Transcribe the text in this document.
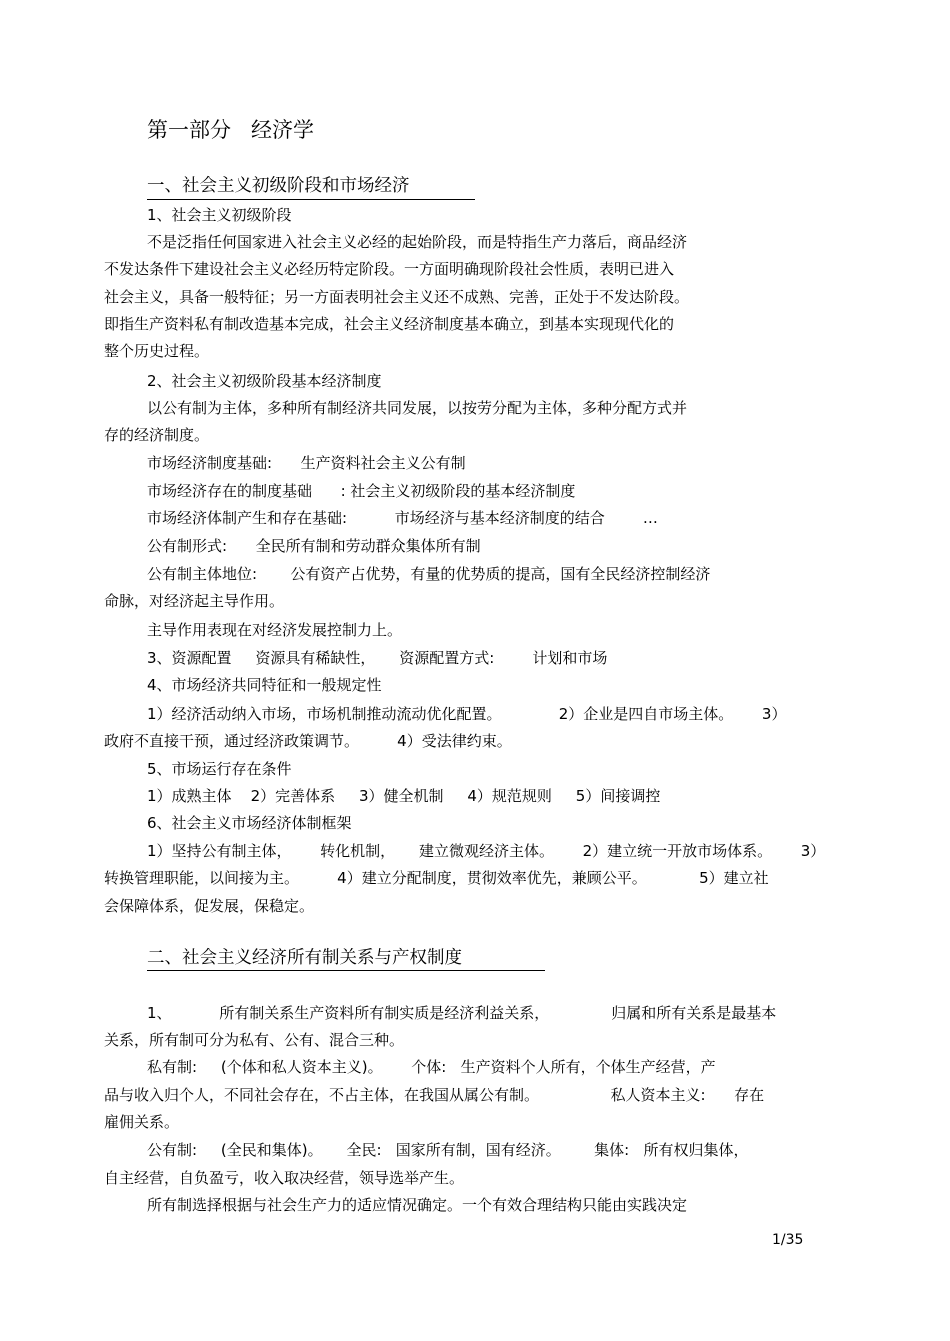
第一部分   经济学
一、社会主义初级阶段和市场经济
1、社会主义初级阶段
不是泛指任何国家进入社会主义必经的起始阶段，而是特指生产力落后，商品经济
不发达条件下建设社会主义必经历特定阶段。一方面明确现阶段社会性质，表明已进入
社会主义，具备一般特征；另一方面表明社会主义还不成熟、完善，正处于不发达阶段。
即指生产资料私有制改造基本完成，社会主义经济制度基本确立，到基本实现现代化的
整个历史过程。
2、社会主义初级阶段基本经济制度
以公有制为主体，多种所有制经济共同发展，以按劳分配为主体，多种分配方式并
存的经济制度。
市场经济制度基础:      生产资料社会主义公有制
市场经济存在的制度基础      : 社会主义初级阶段的基本经济制度
市场经济体制产生和存在基础:          市场经济与基本经济制度的结合        …
公有制形式:      全民所有制和劳动群众集体所有制
公有制主体地位:       公有资产占优势，有量的优势质的提高，国有全民经济控制经济
命脉，对经济起主导作用。
主导作用表现在对经济发展控制力上。
3、资源配置     资源具有稀缺性，     资源配置方式:        计划和市场
4、市场经济共同特征和一般规定性
1）经济活动纳入市场，市场机制推动流动优化配置。            2）企业是四自市场主体。      3）
政府不直接干预，通过经济政策调节。        4）受法律约束。
5、市场运行存在条件
1）成熟主体    2）完善体系     3）健全机制     4）规范规则     5）间接调控
6、社会主义市场经济体制框架
1）坚持公有制主体，      转化机制，     建立微观经济主体。      2）建立统一开放市场体系。      3）
转换管理职能，以间接为主。        4）建立分配制度，贯彻效率优先，兼顾公平。           5）建立社
会保障体系，促发展，保稳定。
二、社会主义经济所有制关系与产权制度
1、          所有制关系生产资料所有制实质是经济利益关系，             归属和所有关系是最基本
关系，所有制可分为私有、公有、混合三种。
私有制:     (个体和私人资本主义)。      个体:   生产资料个人所有，个体生产经营，产
品与收入归个人，不同社会存在，不占主体，在我国从属公有制。               私人资本主义:      存在
雇佣关系。
公有制:     (全民和集体)。     全民:   国家所有制，国有经济。       集体:   所有权归集体，
自主经营，自负盈亏，收入取决经营，领导选举产生。
所有制选择根据与社会生产力的适应情况确定。一个有效合理结构只能由实践决定
1/35
